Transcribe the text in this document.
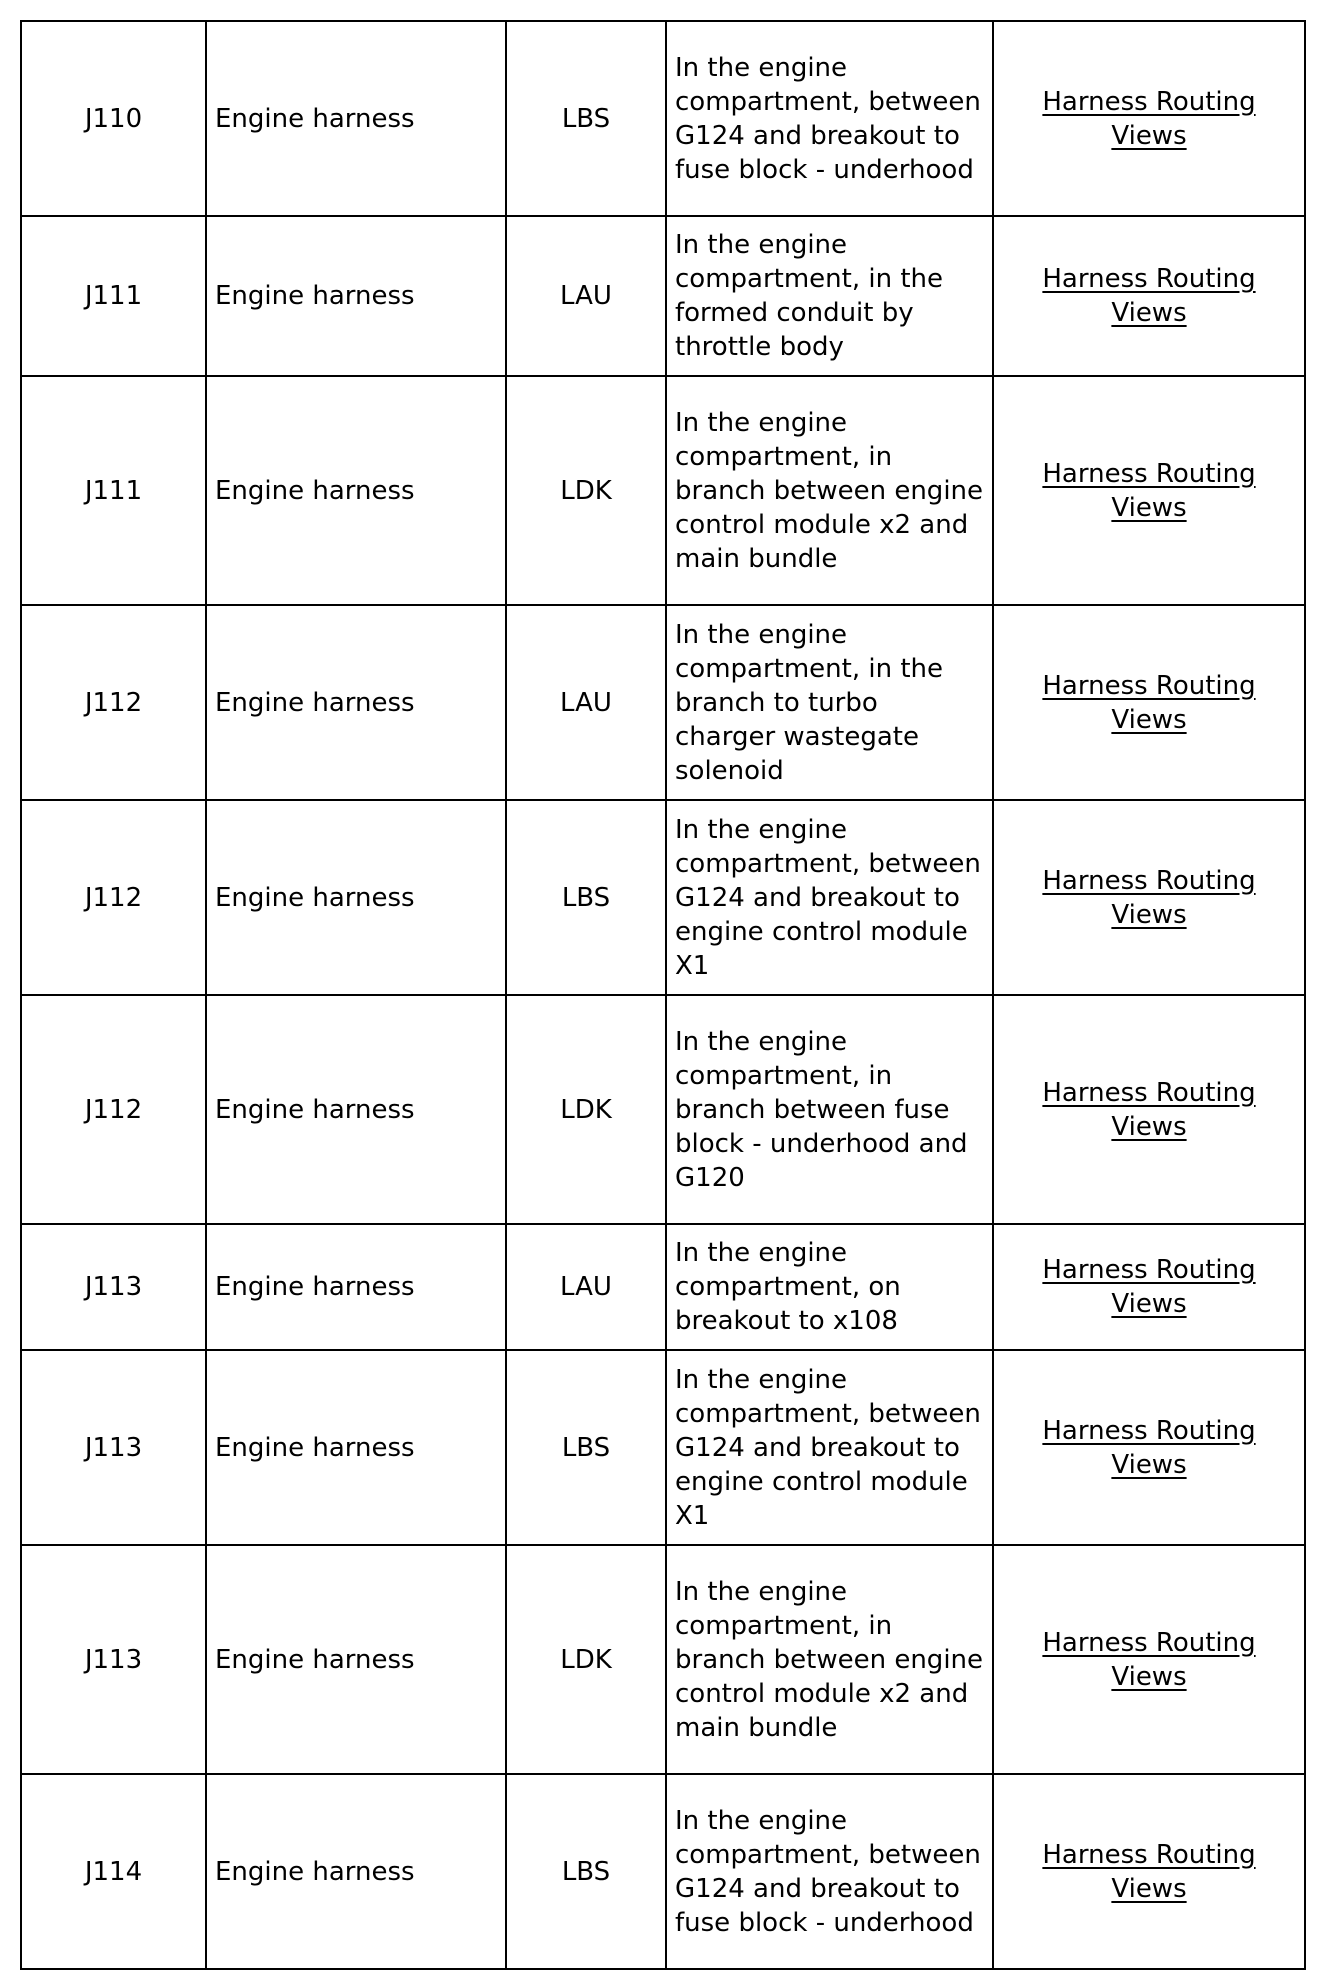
J110	Engine harness	LBS	In the engine compartment, between G124 and breakout to fuse block - underhood	Harness Routing Views
J111	Engine harness	LAU	In the engine compartment, in the formed conduit by throttle body	Harness Routing Views
J111	Engine harness	LDK	In the engine compartment, in branch between engine control module x2 and main bundle	Harness Routing Views
J112	Engine harness	LAU	In the engine compartment, in the branch to turbo charger wastegate solenoid	Harness Routing Views
J112	Engine harness	LBS	In the engine compartment, between G124 and breakout to engine control module X1	Harness Routing Views
J112	Engine harness	LDK	In the engine compartment, in branch between fuse block - underhood and G120	Harness Routing Views
J113	Engine harness	LAU	In the engine compartment, on breakout to x108	Harness Routing Views
J113	Engine harness	LBS	In the engine compartment, between G124 and breakout to engine control module X1	Harness Routing Views
J113	Engine harness	LDK	In the engine compartment, in branch between engine control module x2 and main bundle	Harness Routing Views
J114	Engine harness	LBS	In the engine compartment, between G124 and breakout to fuse block - underhood	Harness Routing Views
